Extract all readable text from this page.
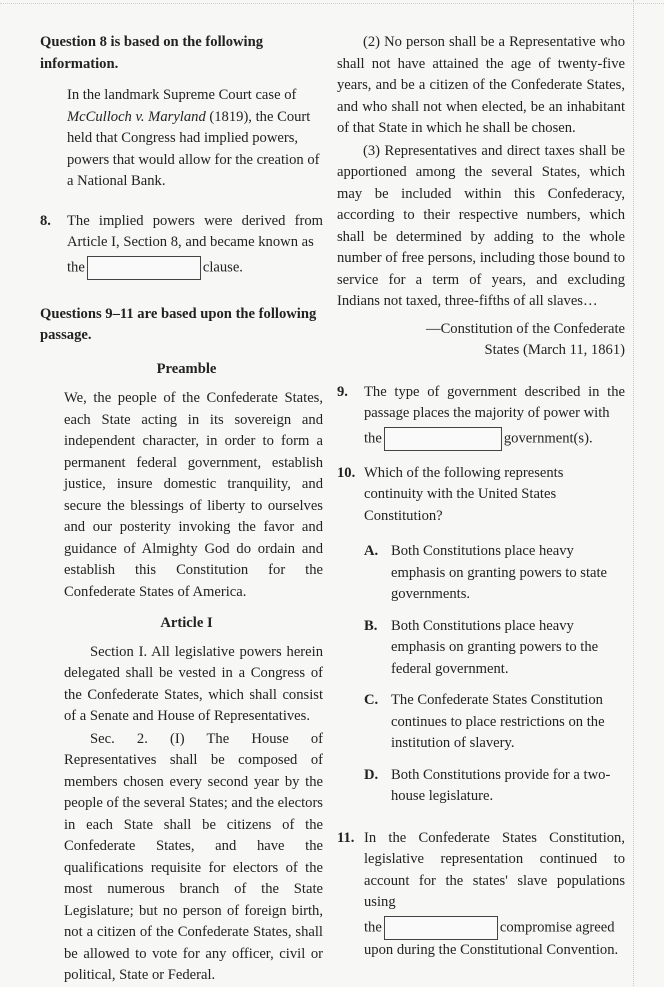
Question 8 is based on the following information.

In the landmark Supreme Court case of McCulloch v. Maryland (1819), the Court held that Congress had implied powers, powers that would allow for the creation of a National Bank.

8. The implied powers were derived from Article I, Section 8, and became known as

the	clause.

Questions 9–11 are based upon the following passage.

Preamble

We, the people of the Confederate States, each State acting in its sovereign and independent character, in order to form a permanent federal government, establish justice, insure domestic tranquility, and secure the blessings of liberty to ourselves and our posterity invoking the favor and guidance of Almighty God do ordain and establish this Constitution for the Confederate States of America.

Article I

Section I. All legislative powers herein delegated shall be vested in a Congress of the Confederate States, which shall consist of a Senate and House of Representatives.

Sec. 2. (I) The House of Representatives shall be composed of members chosen every second year by the people of the several States; and the electors in each State shall be citizens of the Confederate States, and have the qualifications requisite for electors of the most numerous branch of the State Legislature; but no person of foreign birth, not a citizen of the Confederate States, shall be allowed to vote for any officer, civil or political, State or Federal.

(2) No person shall be a Representative who shall not have attained the age of twenty-five years, and be a citizen of the Confederate States, and who shall not when elected, be an inhabitant of that State in which he shall be chosen.

(3) Representatives and direct taxes shall be apportioned among the several States, which may be included within this Confederacy, according to their respective numbers, which shall be determined by adding to the whole number of free persons, including those bound to service for a term of years, and excluding Indians not taxed, three-fifths of all slaves…

—Constitution of the Confederate

States (March 11, 1861)

9. The type of government described in the passage places the majority of power with

the	government(s).

10. Which of the following represents continuity with the United States Constitution?

A. Both Constitutions place heavy emphasis on granting powers to state governments.

B. Both Constitutions place heavy emphasis on granting powers to the federal government.

C. The Confederate States Constitution continues to place restrictions on the institution of slavery.

D. Both Constitutions provide for a two-house legislature.

11. In the Confederate States Constitution, legislative representation continued to account for the states' slave populations using

the	compromise agreed upon during the Constitutional Convention.
